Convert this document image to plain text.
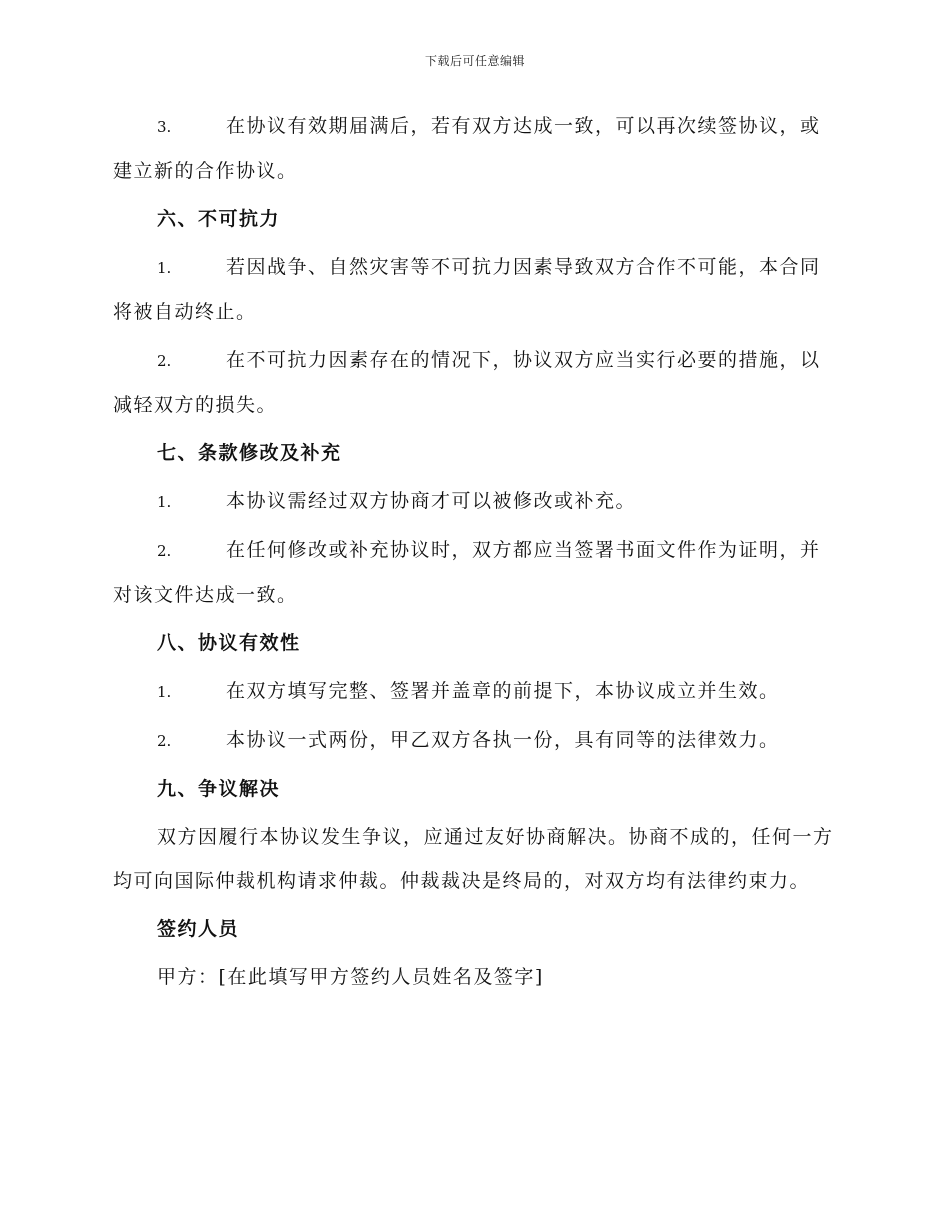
下载后可任意编辑

3.	在协议有效期届满后，若有双方达成一致，可以再次续签协议，或建立新的合作协议。

六、不可抗力

1.	若因战争、自然灾害等不可抗力因素导致双方合作不可能，本合同将被自动终止。

2.	在不可抗力因素存在的情况下，协议双方应当实行必要的措施，以减轻双方的损失。

七、条款修改及补充

1.	本协议需经过双方协商才可以被修改或补充。

2.	在任何修改或补充协议时，双方都应当签署书面文件作为证明，并对该文件达成一致。

八、协议有效性

1.	在双方填写完整、签署并盖章的前提下，本协议成立并生效。

2.	本协议一式两份，甲乙双方各执一份，具有同等的法律效力。

九、争议解决

双方因履行本协议发生争议，应通过友好协商解决。协商不成的，任何一方均可向国际仲裁机构请求仲裁。仲裁裁决是终局的，对双方均有法律约束力。

签约人员

甲方：[在此填写甲方签约人员姓名及签字]
